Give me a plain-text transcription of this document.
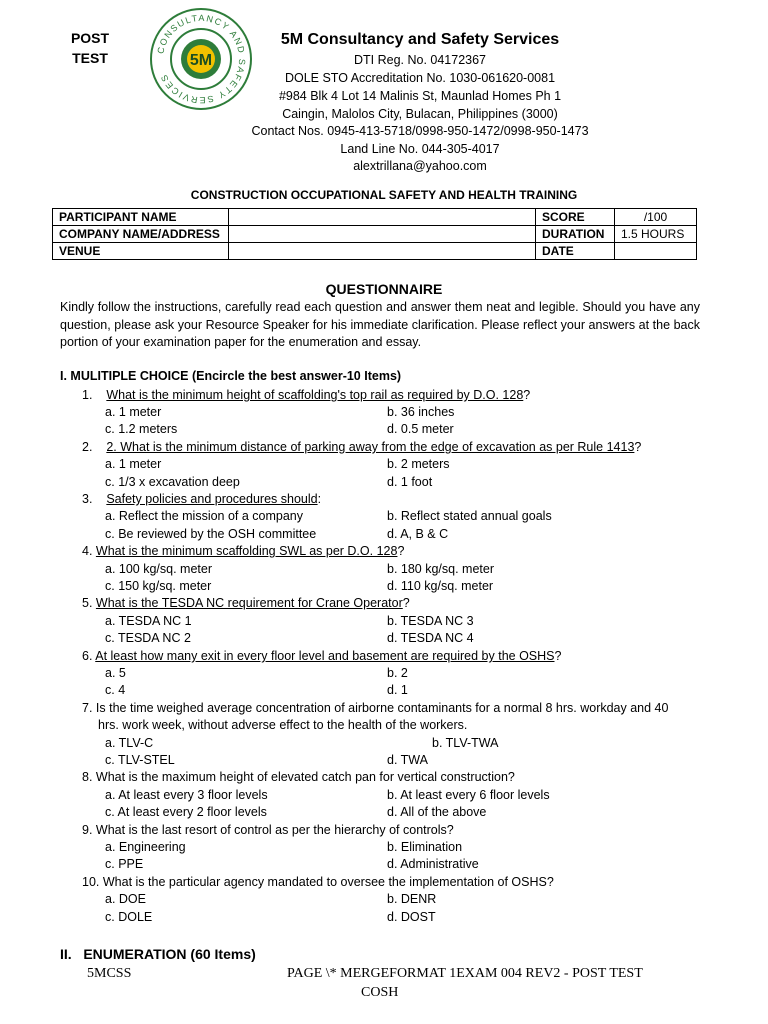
POST
TEST
CONSULTANCY AND SAFETY SERVICES
5M
5M Consultancy and Safety Services
DTI Reg. No. 04172367
DOLE STO Accreditation No. 1030-061620-0081
#984 Blk 4 Lot 14 Malinis St, Maunlad Homes Ph 1
Caingin, Malolos City, Bulacan, Philippines (3000)
Contact Nos. 0945-413-5718/0998-950-1472/0998-950-1473
Land Line No. 044-305-4017
alextrillana@yahoo.com
CONSTRUCTION OCCUPATIONAL SAFETY AND HEALTH TRAINING
PARTICIPANT NAME		SCORE	/100
COMPANY NAME/ADDRESS		DURATION	1.5 HOURS
VENUE		DATE	
QUESTIONNAIRE
Kindly follow the instructions, carefully read each question and answer them neat and legible. Should you have any question, please ask your Resource Speaker for his immediate clarification. Please reflect your answers at the back portion of your examination paper for the enumeration and essay.
I. MULITIPLE CHOICE (Encircle the best answer-10 Items)
1. What is the minimum height of scaffolding's top rail as required by D.O. 128?
a. 1 meter	b. 36 inches
c. 1.2 meters	d. 0.5 meter
2. 2. What is the minimum distance of parking away from the edge of excavation as per Rule 1413?
a. 1 meter	b. 2 meters
c. 1/3 x excavation deep	d. 1 foot
3. Safety policies and procedures should:
a. Reflect the mission of a company	b. Reflect stated annual goals
c. Be reviewed by the OSH committee	d. A, B & C
4. What is the minimum scaffolding SWL as per D.O. 128?
a. 100 kg/sq. meter	b. 180 kg/sq. meter
c. 150 kg/sq. meter	d. 110 kg/sq. meter
5. What is the TESDA NC requirement for Crane Operator?
a. TESDA NC 1	b. TESDA NC 3
c. TESDA NC 2	d. TESDA NC 4
6. At least how many exit in every floor level and basement are required by the OSHS?
a. 5	b. 2
c. 4	d. 1
7. Is the time weighed average concentration of airborne contaminants for a normal 8 hrs. workday and 40
hrs. work week, without adverse effect to the health of the workers.
a. TLV-C	b. TLV-TWA
c. TLV-STEL	d. TWA
8. What is the maximum height of elevated catch pan for vertical construction?
a. At least every 3 floor levels	b. At least every 6 floor levels
c. At least every 2 floor levels	d. All of the above
9. What is the last resort of control as per the hierarchy of controls?
a. Engineering	b. Elimination
c. PPE	d. Administrative
10. What is the particular agency mandated to oversee the implementation of OSHS?
a. DOE	b. DENR
c. DOLE	d. DOST
II.   ENUMERATION (60 Items)
5MCSS	PAGE \* MERGEFORMAT 1EXAM 004 REV2 - POST TEST
COSH
